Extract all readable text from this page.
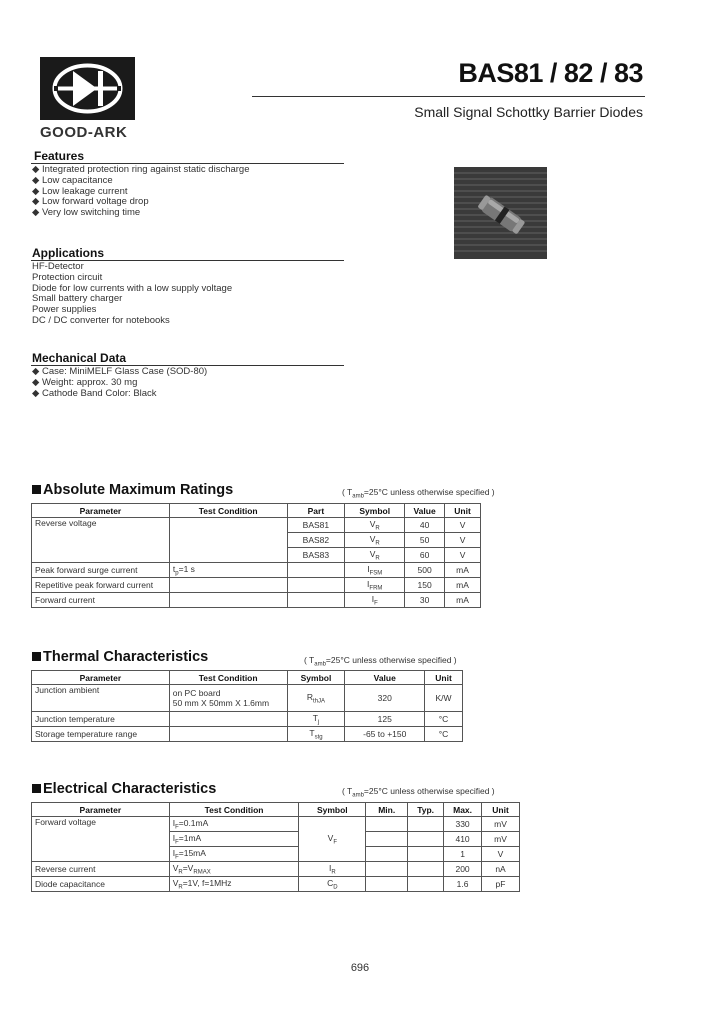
GOOD-ARK
BAS81 / 82 / 83
Small Signal Schottky Barrier Diodes
Features
◆ Integrated protection ring against static discharge
◆ Low capacitance
◆ Low leakage current
◆ Low forward voltage drop
◆ Very low switching time
Applications
HF-Detector
Protection circuit
Diode for low currents with a low supply voltage
Small battery charger
Power supplies
DC / DC converter for notebooks
Mechanical Data
◆ Case: MiniMELF Glass Case (SOD-80)
◆ Weight: approx. 30 mg
◆ Cathode Band Color: Black
Absolute Maximum Ratings	( $T_{amb}=25^\circ C$ unless otherwise specified )
Parameter	Test Condition	Part	Symbol	Value	Unit
Reverse voltage		BAS81	$V_R$	40	V
		BAS82	$V_R$	50	V
		BAS83	$V_R$	60	V
Peak forward surge current	$t_p=1$ s		$I_{FSM}$	500	mA
Repetitive peak forward current			$I_{FRM}$	150	mA
Forward current			$I_F$	30	mA
Thermal Characteristics	( $T_{amb}=25^\circ C$ unless otherwise specified )
Parameter	Test Condition	Symbol	Value	Unit
Junction ambient	on PC board
50 mm X 50mm X 1.6mm	$R_{thJA}$	320	K/W
Junction temperature		$T_j$	125	°C
Storage temperature range		$T_{stg}$	-65 to +150	°C
Electrical Characteristics	( $T_{amb}=25^\circ C$ unless otherwise specified )
Parameter	Test Condition	Symbol	Min.	Typ.	Max.	Unit
Forward voltage	$I_F=0.1mA$	$V_F$			330	mV
	$I_F=1mA$				410	mV
	$I_F=15mA$				1	V
Reverse current	$V_R=V_{RMAX}$	$I_R$			200	nA
Diode capacitance	$V_R=1V$, f=1MHz	$C_D$			1.6	pF
696
